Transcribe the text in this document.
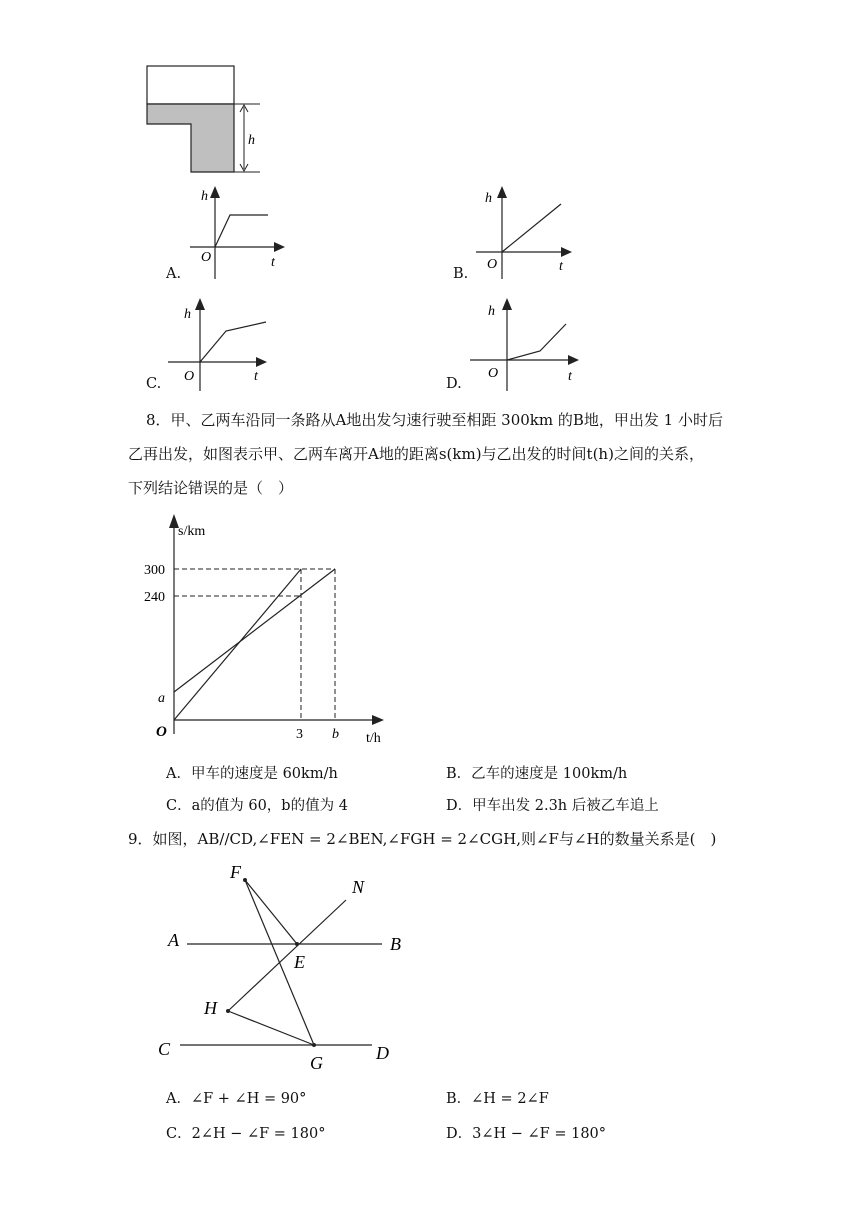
h
A.
h
O	t
B.
h
O	t
C.
h
O	t	D.
h
O	t
8．甲、乙两车沿同一条路从A地出发匀速行驶至相距 300km 的B地，甲出发 1 小时后
乙再出发，如图表示甲、乙两车离开A地的距离s(km)与乙出发的时间t(h)之间的关系，
下列结论错误的是（　）
s/km
300
240
a
O	3 b t/h
A．甲车的速度是 60km/h	B．乙车的速度是 100km/h
C．a的值为 60，b的值为 4	D．甲车出发 2.3h 后被乙车追上
9．如图，AB//CD,∠FEN = 2∠BEN,∠FGH = 2∠CGH,则∠F与∠H的数量关系是(　)
F
N
A	B
E
H
C	D
G
A．∠F + ∠H = 90°	B．∠H = 2∠F
C．2∠H − ∠F = 180°	D．3∠H − ∠F = 180°
